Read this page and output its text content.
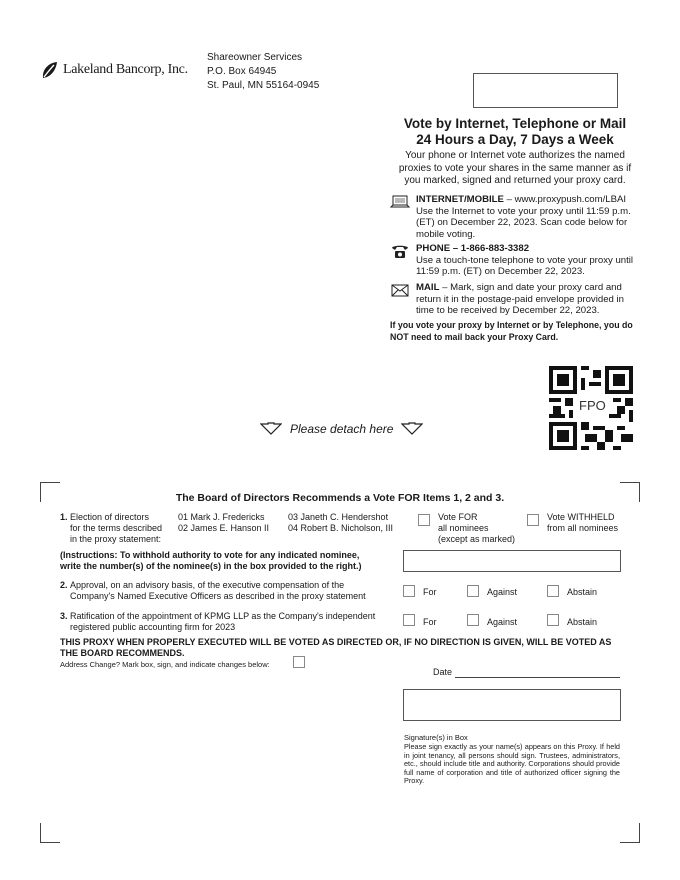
Lakeland Bancorp, Inc.
Shareowner Services
P.O. Box 64945
St. Paul, MN 55164-0945
Vote by Internet, Telephone or Mail
24 Hours a Day, 7 Days a Week
Your phone or Internet vote authorizes the named proxies to vote your shares in the same manner as if you marked, signed and returned your proxy card.
INTERNET/MOBILE – www.proxypush.com/LBAI
Use the Internet to vote your proxy until 11:59 p.m. (ET) on December 22, 2023. Scan code below for mobile voting.
PHONE – 1-866-883-3382
Use a touch-tone telephone to vote your proxy until 11:59 p.m. (ET) on December 22, 2023.
MAIL – Mark, sign and date your proxy card and return it in the postage-paid envelope provided in time to be received by December 22, 2023.
If you vote your proxy by Internet or by Telephone, you do NOT need to mail back your Proxy Card.
FPO
Please detach here
The Board of Directors Recommends a Vote FOR Items 1, 2 and 3.
1. Election of directors
for the terms described
in the proxy statement:
01 Mark J. Fredericks
02 James E. Hanson II
03 Janeth C. Hendershot
04 Robert B. Nicholson, III
Vote FOR
all nominees
(except as marked)
Vote WITHHELD
from all nominees
(Instructions: To withhold authority to vote for any indicated nominee, write the number(s) of the nominee(s) in the box provided to the right.)
2. Approval, on an advisory basis, of the executive compensation of the
Company's Named Executive Officers as described in the proxy statement	For	Against	Abstain
3. Ratification of the appointment of KPMG LLP as the Company's independent
registered public accounting firm for 2023	For	Against	Abstain
THIS PROXY WHEN PROPERLY EXECUTED WILL BE VOTED AS DIRECTED OR, IF NO DIRECTION IS GIVEN, WILL BE VOTED AS THE BOARD RECOMMENDS.
Address Change? Mark box, sign, and indicate changes below:
Date
Signature(s) in Box
Please sign exactly as your name(s) appears on this Proxy. If held in joint tenancy, all persons should sign. Trustees, administrators, etc., should include title and authority. Corporations should provide full name of corporation and title of authorized officer signing the Proxy.
